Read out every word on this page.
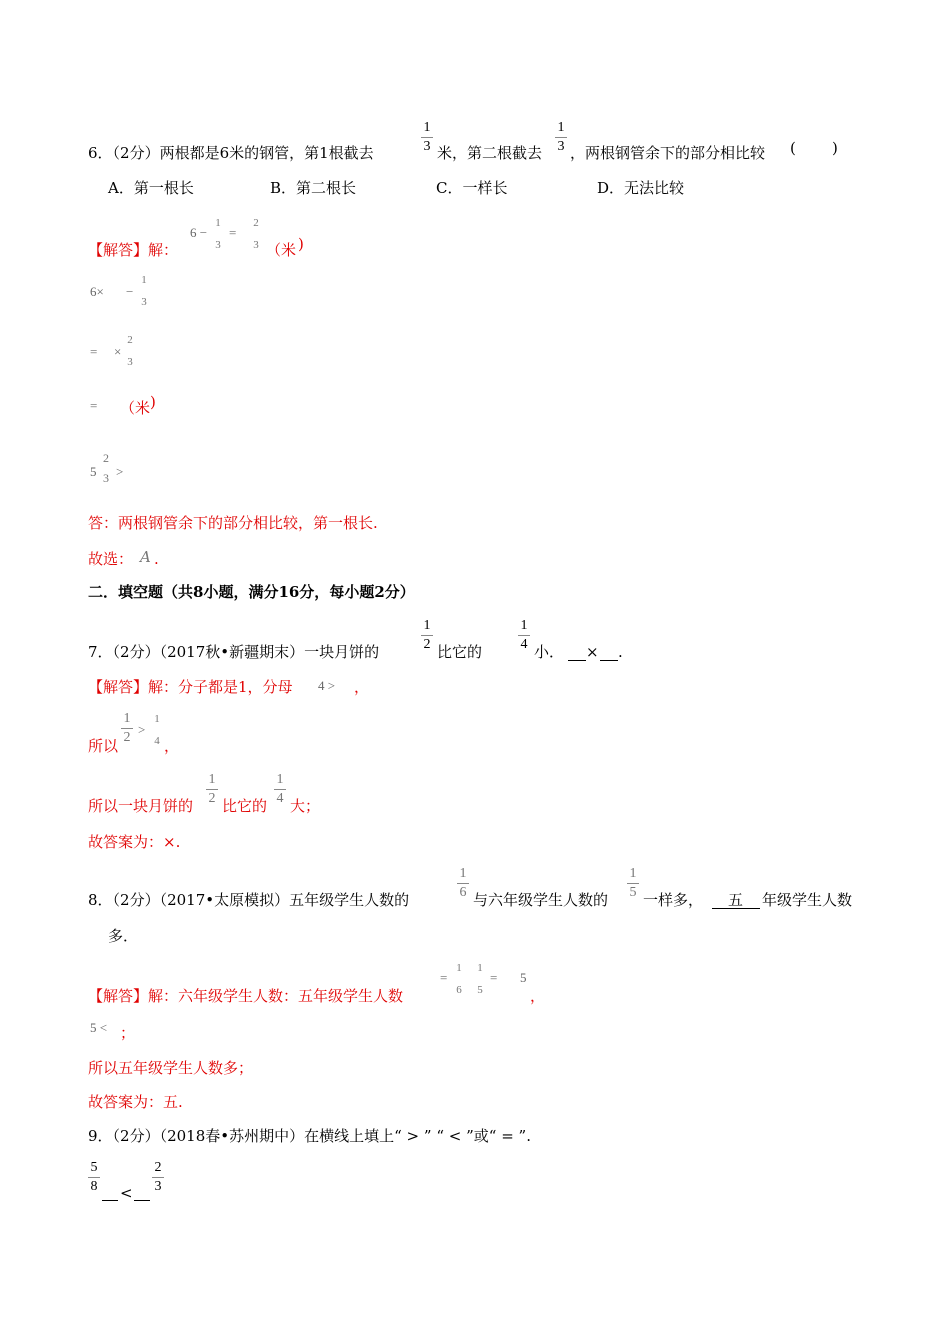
6．（2分）两根都是6米的钢管，第1根截去
1
3 米，第二根截去
1
3 ，两根钢管余下的部分相比较 ( )
A．第一根长	B．第二根长	C．一样长	D．无法比较
【解答】解：
6 −
1
3
=
2
3 （米 )
6× −
1
3
= ×
2
3
= （米 )
5
2
3 >
答：两根钢管余下的部分相比较，第一根长.
故选： A .
二．填空题（共8小题，满分16分，每小题2分）
7．（2分）（2017秋•新疆期末）一块月饼的
1
2 比它的
1
4 小． × .
【解答】解：分子都是1，分母 4 > ，
所以
1
2
>
1
4 ，
所以一块月饼的
1
2 比它的
1
4 大；
故答案为：×.
8．（2分）（2017•太原模拟）五年级学生人数的
1
6 与六年级学生人数的
1
5 一样多， 五 年级学生人数
多．
【解答】解：六年级学生人数：五年级学生人数
=
1
6
1
5
= 5
，
5 < ；
所以五年级学生人数多；
故答案为：五.
9．（2分）（2018春•苏州期中）在横线上填上“ > ” “ < ”或“ = ”.
5
8 <
2
3
